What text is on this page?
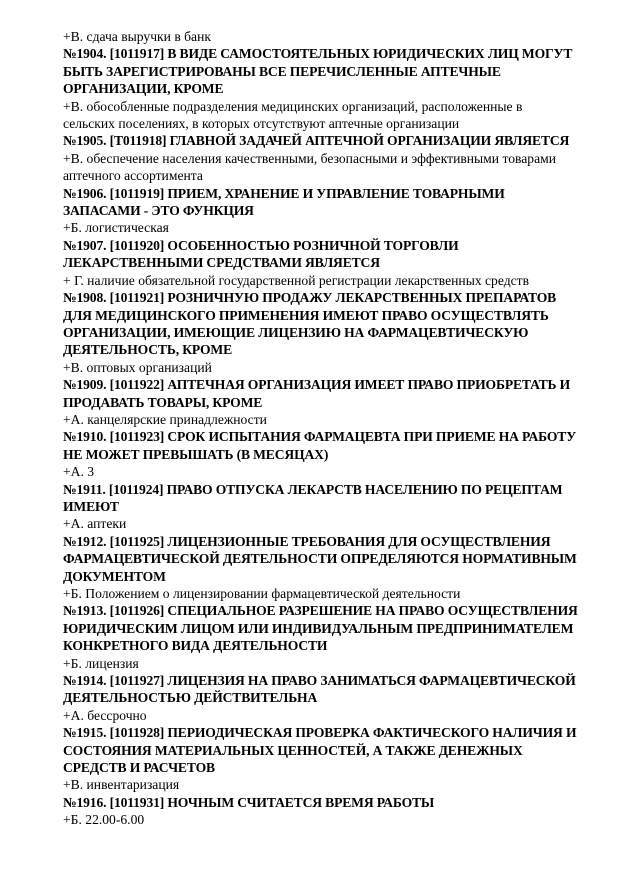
+В. сдача выручки в банк
№1904. [1011917] В ВИДЕ САМОСТОЯТЕЛЬНЫХ ЮРИДИЧЕСКИХ ЛИЦ МОГУТ БЫТЬ ЗАРЕГИСТРИРОВАНЫ ВСЕ ПЕРЕЧИСЛЕННЫЕ АПТЕЧНЫЕ ОРГАНИЗАЦИИ, КРОМЕ
+В. обособленные подразделения медицинских организаций, расположенные в
сельских поселениях, в которых отсутствуют аптечные организации
№1905. [Т011918] ГЛАВНОЙ ЗАДАЧЕЙ АПТЕЧНОЙ ОРГАНИЗАЦИИ ЯВЛЯЕТСЯ
+В. обеспечение населения качественными, безопасными и эффективными товарами
аптечного ассортимента
№1906. [1011919] ПРИЕМ, ХРАНЕНИЕ И УПРАВЛЕНИЕ ТОВАРНЫМИ ЗАПАСАМИ - ЭТО ФУНКЦИЯ
+Б. логистическая
№1907. [1011920] ОСОБЕННОСТЬЮ РОЗНИЧНОЙ ТОРГОВЛИ ЛЕКАРСТВЕННЫМИ СРЕДСТВАМИ ЯВЛЯЕТСЯ
+ Г. наличие обязательной государственной регистрации лекарственных средств
№1908. [1011921] РОЗНИЧНУЮ ПРОДАЖУ ЛЕКАРСТВЕННЫХ ПРЕПАРАТОВ ДЛЯ МЕДИЦИНСКОГО ПРИМЕНЕНИЯ ИМЕЮТ ПРАВО ОСУЩЕСТВЛЯТЬ ОРГАНИЗАЦИИ, ИМЕЮЩИЕ ЛИЦЕНЗИЮ НА ФАРМАЦЕВТИЧЕСКУЮ ДЕЯТЕЛЬНОСТЬ, КРОМЕ
+В. оптовых организаций
№1909. [1011922] АПТЕЧНАЯ ОРГАНИЗАЦИЯ ИМЕЕТ ПРАВО ПРИОБРЕТАТЬ И ПРОДАВАТЬ ТОВАРЫ, КРОМЕ
+А. канцелярские принадлежности
№1910. [1011923] СРОК ИСПЫТАНИЯ ФАРМАЦЕВТА ПРИ ПРИЕМЕ НА РАБОТУ НЕ МОЖЕТ ПРЕВЫШАТЬ (В МЕСЯЦАХ)
+А. 3
№1911. [1011924] ПРАВО ОТПУСКА ЛЕКАРСТВ НАСЕЛЕНИЮ ПО РЕЦЕПТАМ ИМЕЮТ
+А. аптеки
№1912. [1011925] ЛИЦЕНЗИОННЫЕ ТРЕБОВАНИЯ ДЛЯ ОСУЩЕСТВЛЕНИЯ ФАРМАЦЕВТИЧЕСКОЙ ДЕЯТЕЛЬНОСТИ ОПРЕДЕЛЯЮТСЯ НОРМАТИВНЫМ ДОКУМЕНТОМ
+Б. Положением о лицензировании фармацевтической деятельности
№1913. [1011926] СПЕЦИАЛЬНОЕ РАЗРЕШЕНИЕ НА ПРАВО ОСУЩЕСТВЛЕНИЯ ЮРИДИЧЕСКИМ ЛИЦОМ ИЛИ ИНДИВИДУАЛЬНЫМ ПРЕДПРИНИМАТЕЛЕМ КОНКРЕТНОГО ВИДА ДЕЯТЕЛЬНОСТИ
+Б. лицензия
№1914. [1011927] ЛИЦЕНЗИЯ НА ПРАВО ЗАНИМАТЬСЯ ФАРМАЦЕВТИЧЕСКОЙ ДЕЯТЕЛЬНОСТЬЮ ДЕЙСТВИТЕЛЬНА
+А. бессрочно
№1915. [1011928] ПЕРИОДИЧЕСКАЯ ПРОВЕРКА ФАКТИЧЕСКОГО НАЛИЧИЯ И СОСТОЯНИЯ МАТЕРИАЛЬНЫХ ЦЕННОСТЕЙ, А ТАКЖЕ ДЕНЕЖНЫХ СРЕДСТВ И РАСЧЕТОВ
+В. инвентаризация
№1916. [1011931] НОЧНЫМ СЧИТАЕТСЯ ВРЕМЯ РАБОТЫ
+Б. 22.00-6.00
